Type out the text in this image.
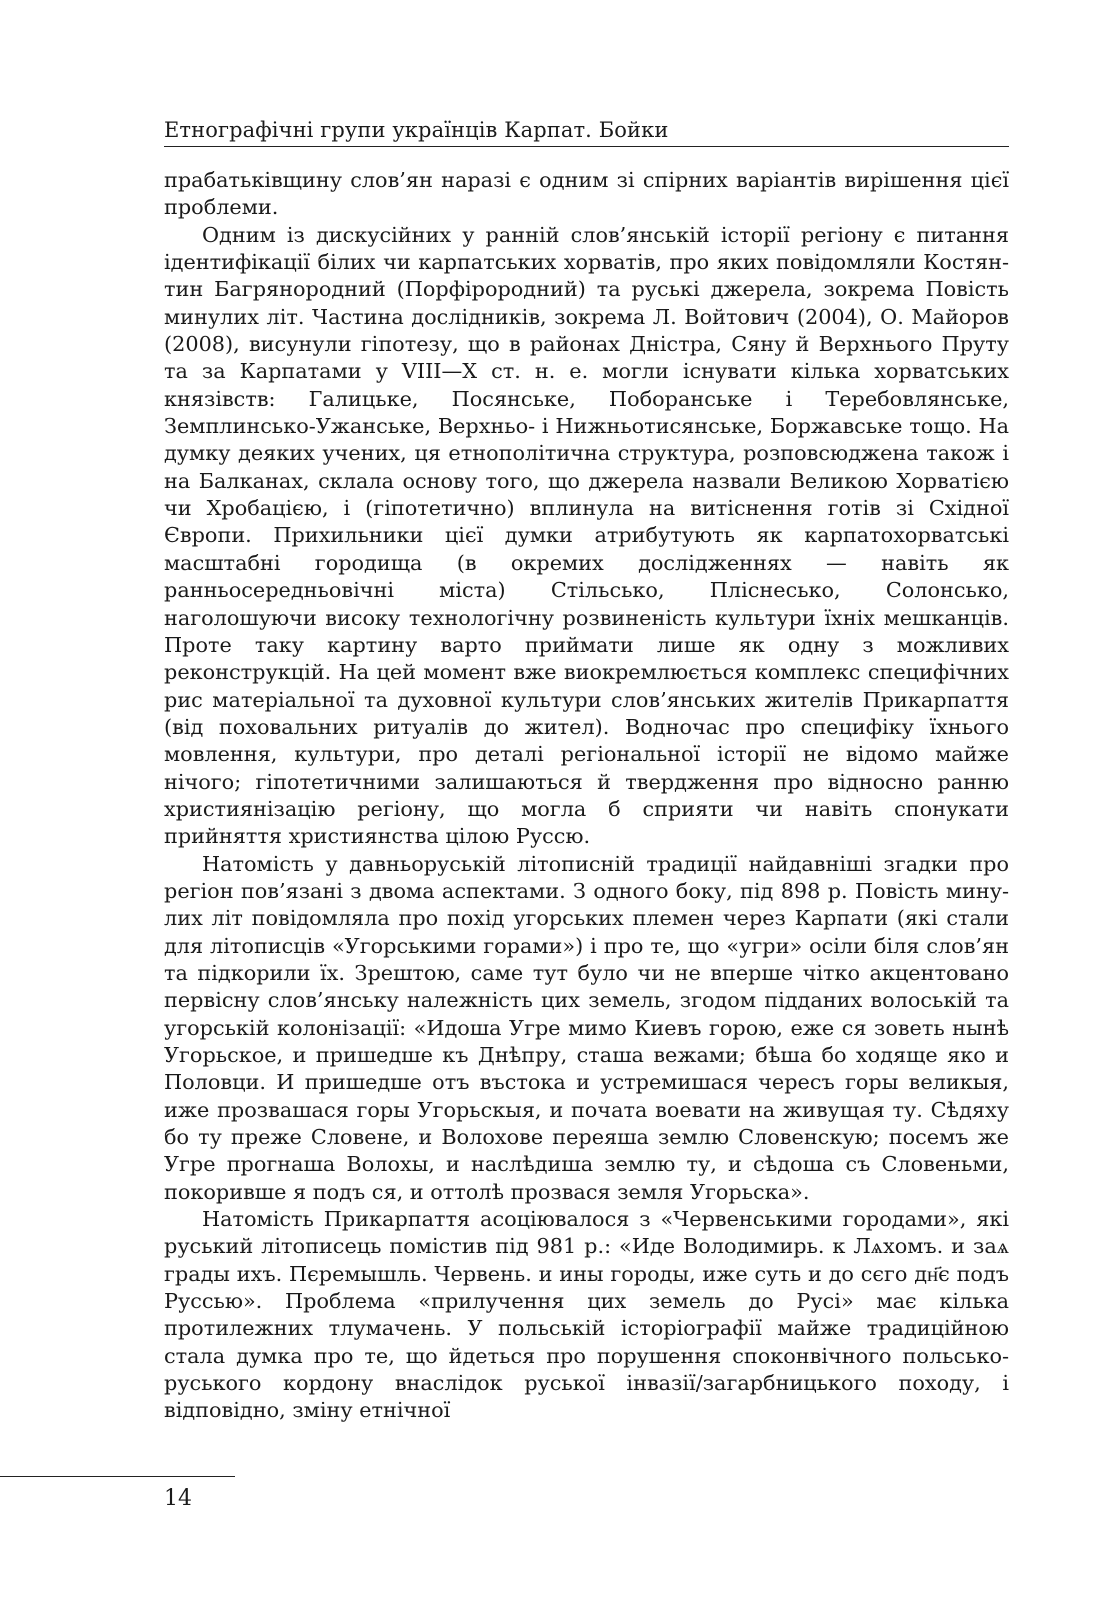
Етнографічні групи українців Карпат. Бойки

прабатьківщину слов’ян наразі є одним зі спірних варіантів вирішення цієї проблеми.

Одним із дискусійних у ранній слов’янській історії регіону є питання ідентифікації білих чи карпатських хорватів, про яких повідомляли Костянтин Багрянородний (Порфірородний) та руські джерела, зокрема Повість минулих літ. Частина дослідників, зокрема Л. Войтович (2004), О. Майоров (2008), висунули гіпотезу, що в районах Дністра, Сяну й Верхнього Пруту та за Карпатами у VIII—X ст. н. е. могли існувати кілька хорватських князівств: Галицьке, Посянське, Поборанське і Теребовлянське, Земплинсько-Ужанське, Верхньо- і Нижньотисянське, Боржавське тощо. На думку деяких учених, ця етнополітична структура, розповсюджена також і на Балканах, склала основу того, що джерела назвали Великою Хорватією чи Хробацією, і (гіпотетично) вплинула на витіснення готів зі Східної Європи. Прихильники цієї думки атрибутують як карпатохорватські масштабні городища (в окремих дослідженнях — навіть як ранньосередньовічні міста) Стільсько, Пліснесько, Солонсько, наголошуючи високу технологічну розвиненість культури їхніх мешканців. Проте таку картину варто приймати лише як одну з можливих реконструкцій. На цей момент вже виокремлюється комплекс специфічних рис матеріальної та духовної культури слов’янських жителів Прикарпаття (від поховальних ритуалів до жител). Водночас про специфіку їхнього мовлення, культури, про деталі регіональної історії не відомо майже нічого; гіпотетичними залишаються й твердження про відносно ранню християнізацію регіону, що могла б сприяти чи навіть спонукати прийняття християнства цілою Руссю.

Натомість у давньоруській літописній традиції найдавніші згадки про регіон пов’язані з двома аспектами. З одного боку, під 898 р. Повість минулих літ повідомляла про похід угорських племен через Карпати (які стали для літописців «Угорськими горами») і про те, що «угри» осіли біля слов’ян та підкорили їх. Зрештою, саме тут було чи не вперше чітко акцентовано первісну слов’янську належність цих земель, згодом підданих волоській та угорській колонізації: «Идоша Угре мимо Киевъ горою, еже ся зоветь нынѣ Угорьское, и пришедше къ Днѣпру, сташа вежами; бѣша бо ходяще яко и Половци. И пришедше отъ въстока и устремишася чересъ горы великыя, иже прозвашася горы Угорьскыя, и почата воевати на живущая ту. Сѣдяху бо ту преже Словене, и Волохове переяша землю Словенскую; посемъ же Угре прогнаша Волохы, и наслѣдиша землю ту, и сѣдоша съ Словеньми, покоривше я подъ ся, и оттолѣ прозвася земля Угорьска».

Натомість Прикарпаття асоціювалося з «Червенськими городами», які руський літописець помістив під 981 р.: «Иде Володимирь. к Лѧхомъ. и заѧ грады ихъ. Пєремышль. Червень. и ины городы, иже суть и до сєго дн҃є подъ Руссью». Проблема «прилучення цих земель до Русі» має кілька протилежних тлумачень. У польській історіографії майже традиційною стала думка про те, що йдеться про порушення споконвічного польсько-руського кордону внаслідок руської інвазії/загарбницького походу, і відповідно, зміну етнічної

14
